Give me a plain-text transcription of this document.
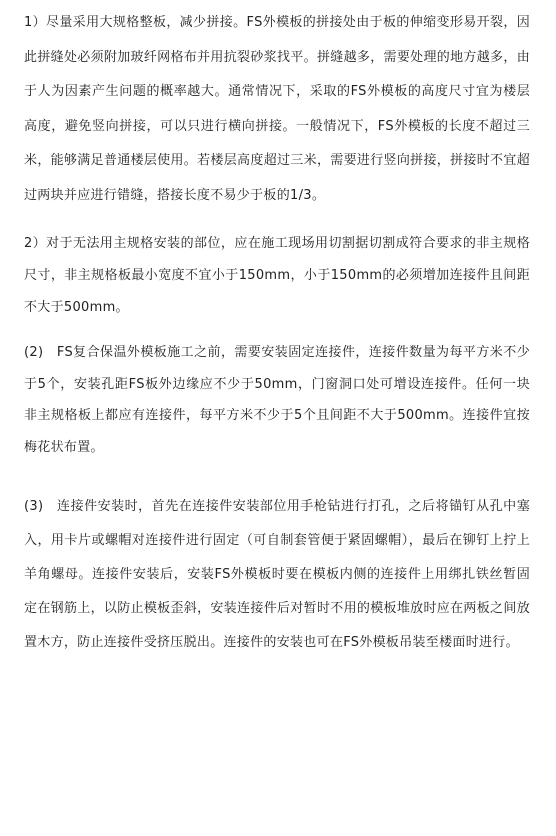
1）尽量采用大规格整板，减少拼接。FS外模板的拼接处由于板的伸缩变形易开裂，因此拼缝处必须附加玻纤网格布并用抗裂砂浆找平。拼缝越多，需要处理的地方越多，由于人为因素产生问题的概率越大。通常情况下，采取的FS外模板的高度尺寸宜为楼层高度，避免竖向拼接，可以只进行横向拼接。一般情况下，FS外模板的长度不超过三米，能够满足普通楼层使用。若楼层高度超过三米，需要进行竖向拼接，拼接时不宜超过两块并应进行错缝，搭接长度不易少于板的1/3。

2）对于无法用主规格安装的部位，应在施工现场用切割据切割成符合要求的非主规格尺寸，非主规格板最小宽度不宜小于150mm，小于150mm的必须增加连接件且间距不大于500mm。

(2)　FS复合保温外模板施工之前，需要安装固定连接件，连接件数量为每平方米不少于5个，安装孔距FS板外边缘应不少于50mm，门窗洞口处可增设连接件。任何一块非主规格板上都应有连接件，每平方米不少于5个且间距不大于500mm。连接件宜按梅花状布置。

(3)　连接件安装时，首先在连接件安装部位用手枪钻进行打孔，之后将锚钉从孔中塞入，用卡片或螺帽对连接件进行固定（可自制套管便于紧固螺帽），最后在铆钉上拧上羊角螺母。连接件安装后，安装FS外模板时要在模板内侧的连接件上用绑扎铁丝暂固定在钢筋上，以防止模板歪斜，安装连接件后对暂时不用的模板堆放时应在两板之间放置木方，防止连接件受挤压脱出。连接件的安装也可在FS外模板吊装至楼面时进行。
